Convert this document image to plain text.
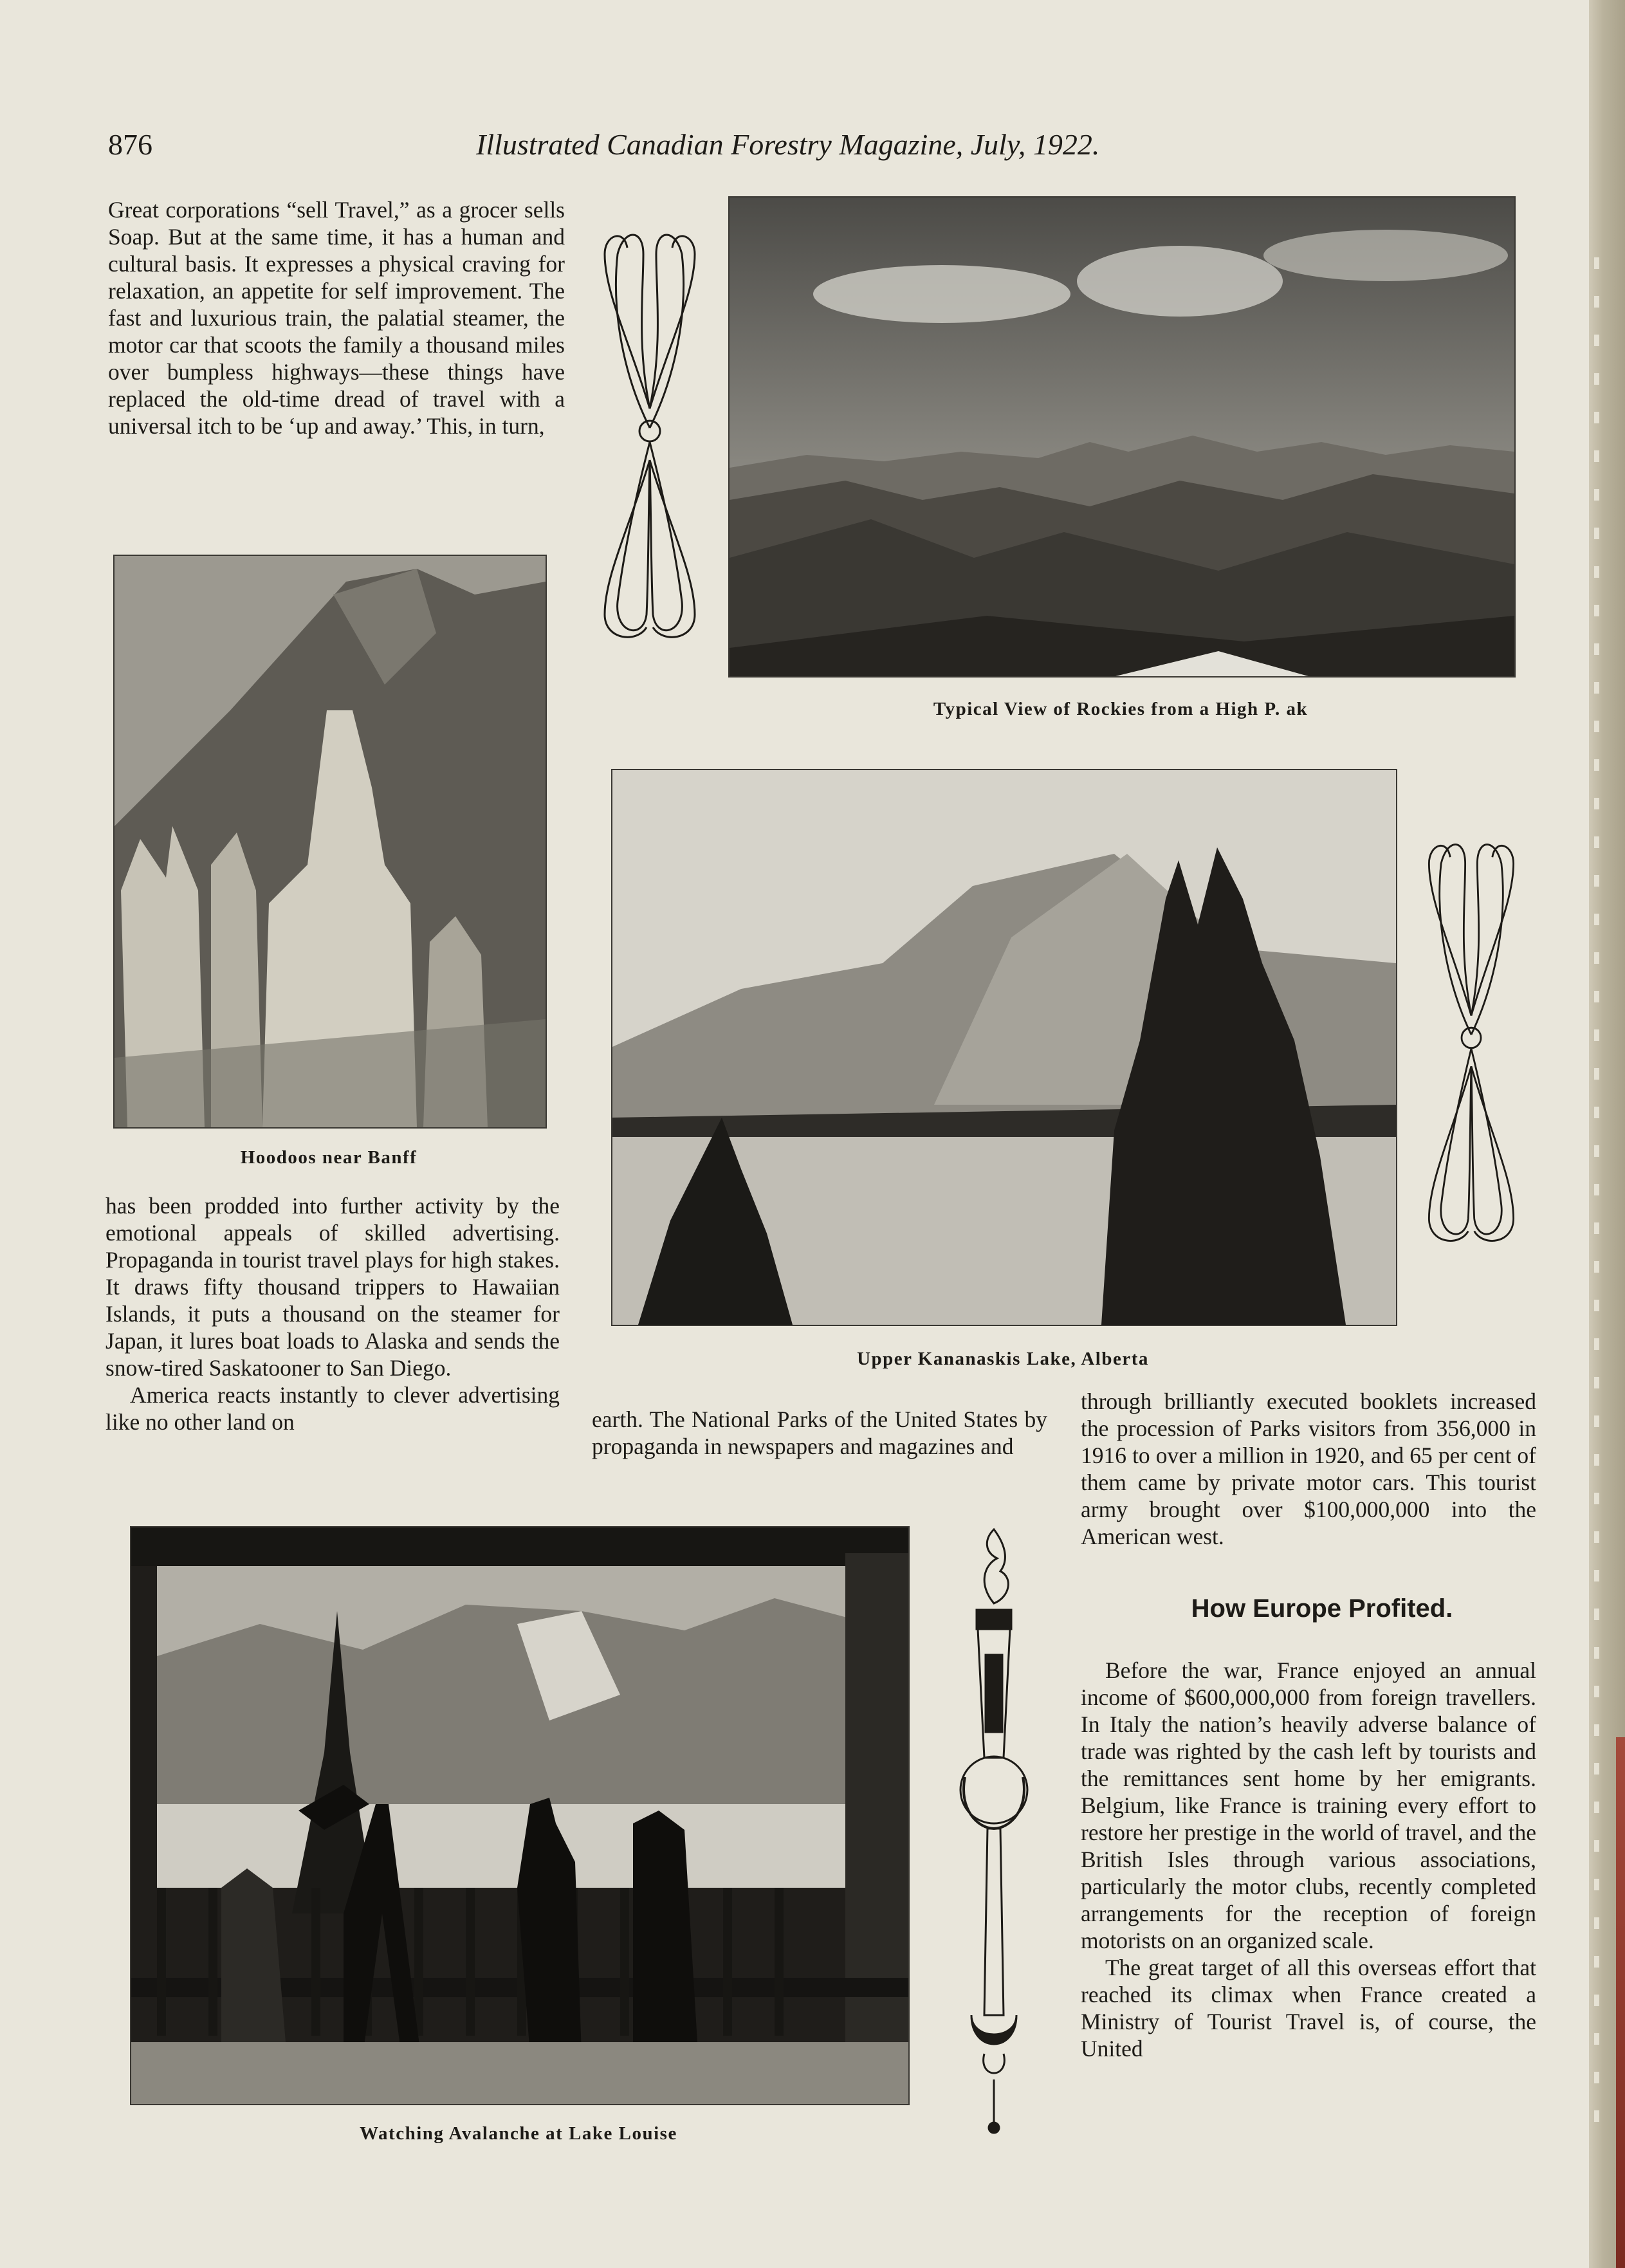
876	Illustrated Canadian Forestry Magazine, July, 1922.

Great corporations “sell Travel,” as a grocer sells Soap. But at the same time, it has a human and cultural basis. It expresses a physical craving for relaxation, an appetite for self improvement. The fast and luxurious train, the palatial steamer, the motor car that scoots the family a thousand miles over bumpless highways—these things have replaced the old-time dread of travel with a universal itch to be ‘up and away.’ This, in turn,

Typical View of Rockies from a High P. ak
Hoodoos near Banff
Upper Kananaskis Lake, Alberta

has been prodded into further activity by the emotional appeals of skilled advertising. Propaganda in tourist travel plays for high stakes. It draws fifty thousand trippers to Hawaiian Islands, it puts a thousand on the steamer for Japan, it lures boat loads to Alaska and sends the snow-tired Saskatooner to San Diego.

America reacts instantly to clever advertising like no other land on	earth. The National Parks of the United States by propaganda in newspapers and magazines and

through brilliantly executed booklets increased the procession of Parks visitors from 356,000 in 1916 to over a million in 1920, and 65 per cent of them came by private motor cars. This tourist army brought over $100,000,000 into the American west.

How Europe Profited.

Before the war, France enjoyed an annual income of $600,000,000 from foreign travellers. In Italy the nation’s heavily adverse balance of trade was righted by the cash left by tourists and the remittances sent home by her emigrants. Belgium, like France is training every effort to restore her prestige in the world of travel, and the British Isles through various associations, particularly the motor clubs, recently completed arrangements for the reception of foreign motorists on an organized scale.

The great target of all this overseas effort that reached its climax when France created a Ministry of Tourist Travel is, of course, the United

Watching Avalanche at Lake Louise
